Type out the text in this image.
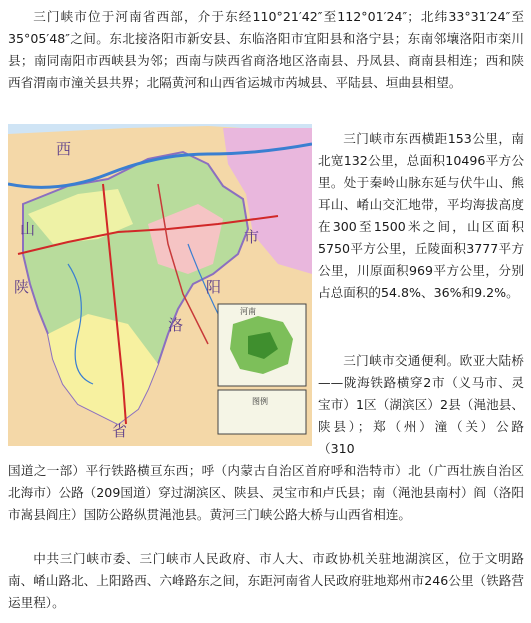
三门峡市位于河南省西部，介于东经110°21′42″至112°01′24″；北纬33°31′24″至35°05′48″之间。东北接洛阳市新安县、东临洛阳市宜阳县和洛宁县；东南邻壤洛阳市栾川县；南同南阳市西峡县为邻；西南与陕西省商洛地区洛南县、丹凤县、商南县相连；西和陕西省渭南市潼关县共界；北隔黄河和山西省运城市芮城县、平陆县、垣曲县相望。

西
山
陕	阳
市
洛
省
河南
图例

三门峡市东西横距153公里，南北宽132公里，总面积10496平方公里。处于秦岭山脉东延与伏牛山、熊耳山、崤山交汇地带，平均海拔高度在300至1500米之间，山区面积5750平方公里，丘陵面积3777平方公里，川原面积969平方公里，分别占总面积的54.8%、36%和9.2%。

三门峡市交通便利。欧亚大陆桥——陇海铁路横穿2市（义马市、灵宝市）1区（湖滨区）2县（渑池县、陕县）；郑（州）潼（关）公路（310

国道之一部）平行铁路横亘东西；呼（内蒙古自治区首府呼和浩特市）北（广西壮族自治区北海市）公路（209国道）穿过湖滨区、陕县、灵宝市和卢氏县；南（渑池县南村）阎（洛阳市嵩县阎庄）国防公路纵贯渑池县。黄河三门峡公路大桥与山西省相连。

中共三门峡市委、三门峡市人民政府、市人大、市政协机关驻地湖滨区，位于文明路南、崤山路北、上阳路西、六峰路东之间，东距河南省人民政府驻地郑州市246公里（铁路营运里程）。
